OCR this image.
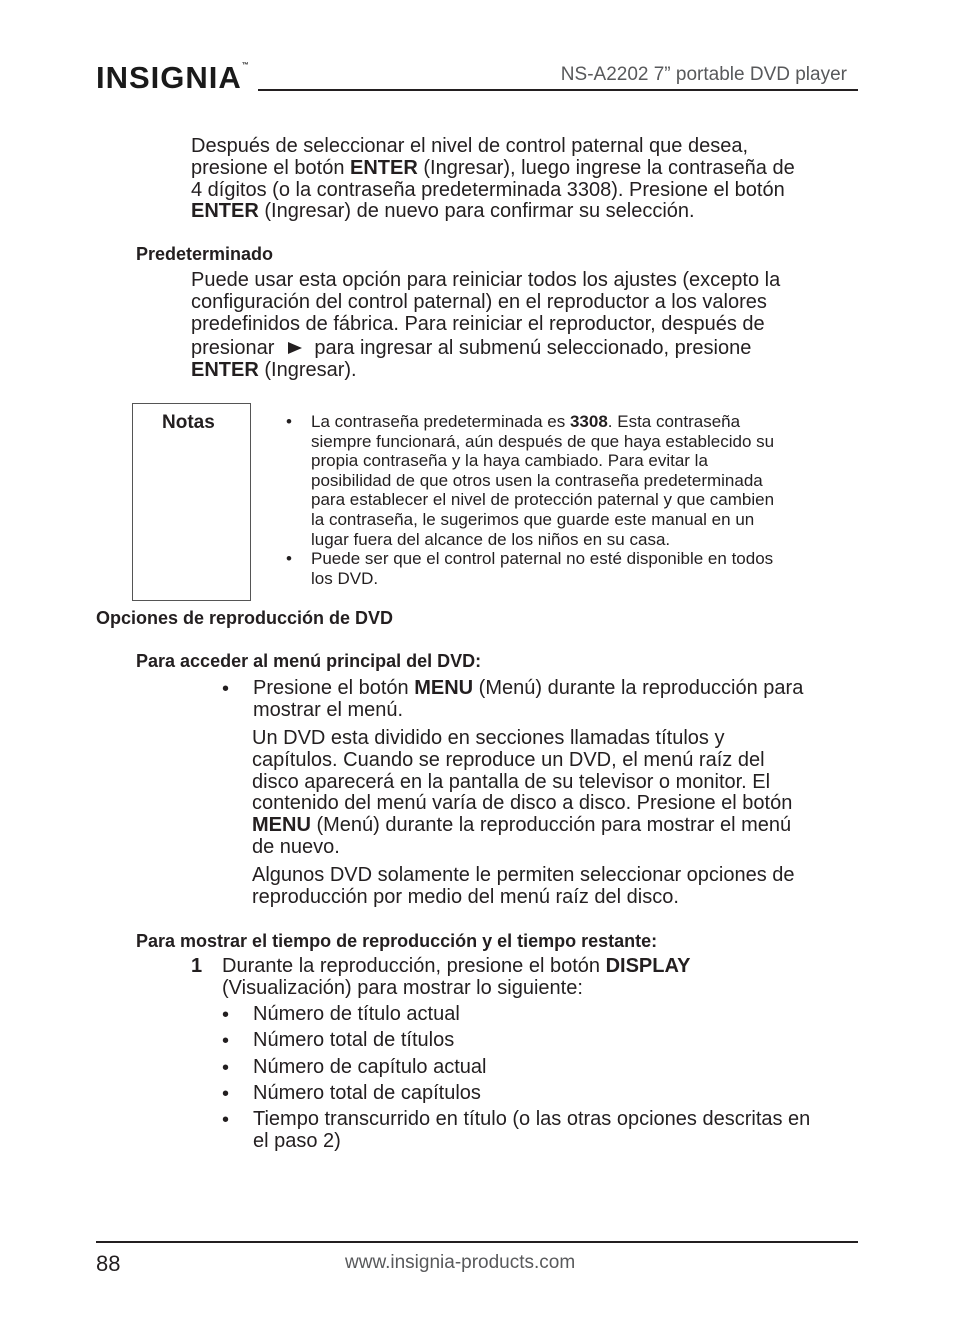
INSIGNIA™	NS-A2202 7” portable DVD player
Después de seleccionar el nivel de control paternal que desea,
presione el botón ENTER (Ingresar), luego ingrese la contraseña de
4 dígitos (o la contraseña predeterminada 3308). Presione el botón
ENTER (Ingresar) de nuevo para confirmar su selección.
Predeterminado
Puede usar esta opción para reiniciar todos los ajustes (excepto la
configuración del control paternal) en el reproductor a los valores
predefinidos de fábrica. Para reiniciar el reproductor, después de
presionar para ingresar al submenú seleccionado, presione
ENTER (Ingresar).
Notas	• La contraseña predeterminada es 3308. Esta contraseña
siempre funcionará, aún después de que haya establecido su
propia contraseña y la haya cambiado. Para evitar la
posibilidad de que otros usen la contraseña predeterminada
para establecer el nivel de protección paternal y que cambien
la contraseña, le sugerimos que guarde este manual en un
lugar fuera del alcance de los niños en su casa.
• Puede ser que el control paternal no esté disponible en todos
los DVD.
Opciones de reproducción de DVD
Para acceder al menú principal del DVD:
• Presione el botón MENU (Menú) durante la reproducción para
mostrar el menú.
Un DVD esta dividido en secciones llamadas títulos y
capítulos. Cuando se reproduce un DVD, el menú raíz del
disco aparecerá en la pantalla de su televisor o monitor. El
contenido del menú varía de disco a disco. Presione el botón
MENU (Menú) durante la reproducción para mostrar el menú
de nuevo.
Algunos DVD solamente le permiten seleccionar opciones de
reproducción por medio del menú raíz del disco.
Para mostrar el tiempo de reproducción y el tiempo restante:
1 Durante la reproducción, presione el botón DISPLAY
(Visualización) para mostrar lo siguiente:
• Número de título actual
• Número total de títulos
• Número de capítulo actual
• Número total de capítulos
• Tiempo transcurrido en título (o las otras opciones descritas en
el paso 2)
88	www.insignia-products.com
